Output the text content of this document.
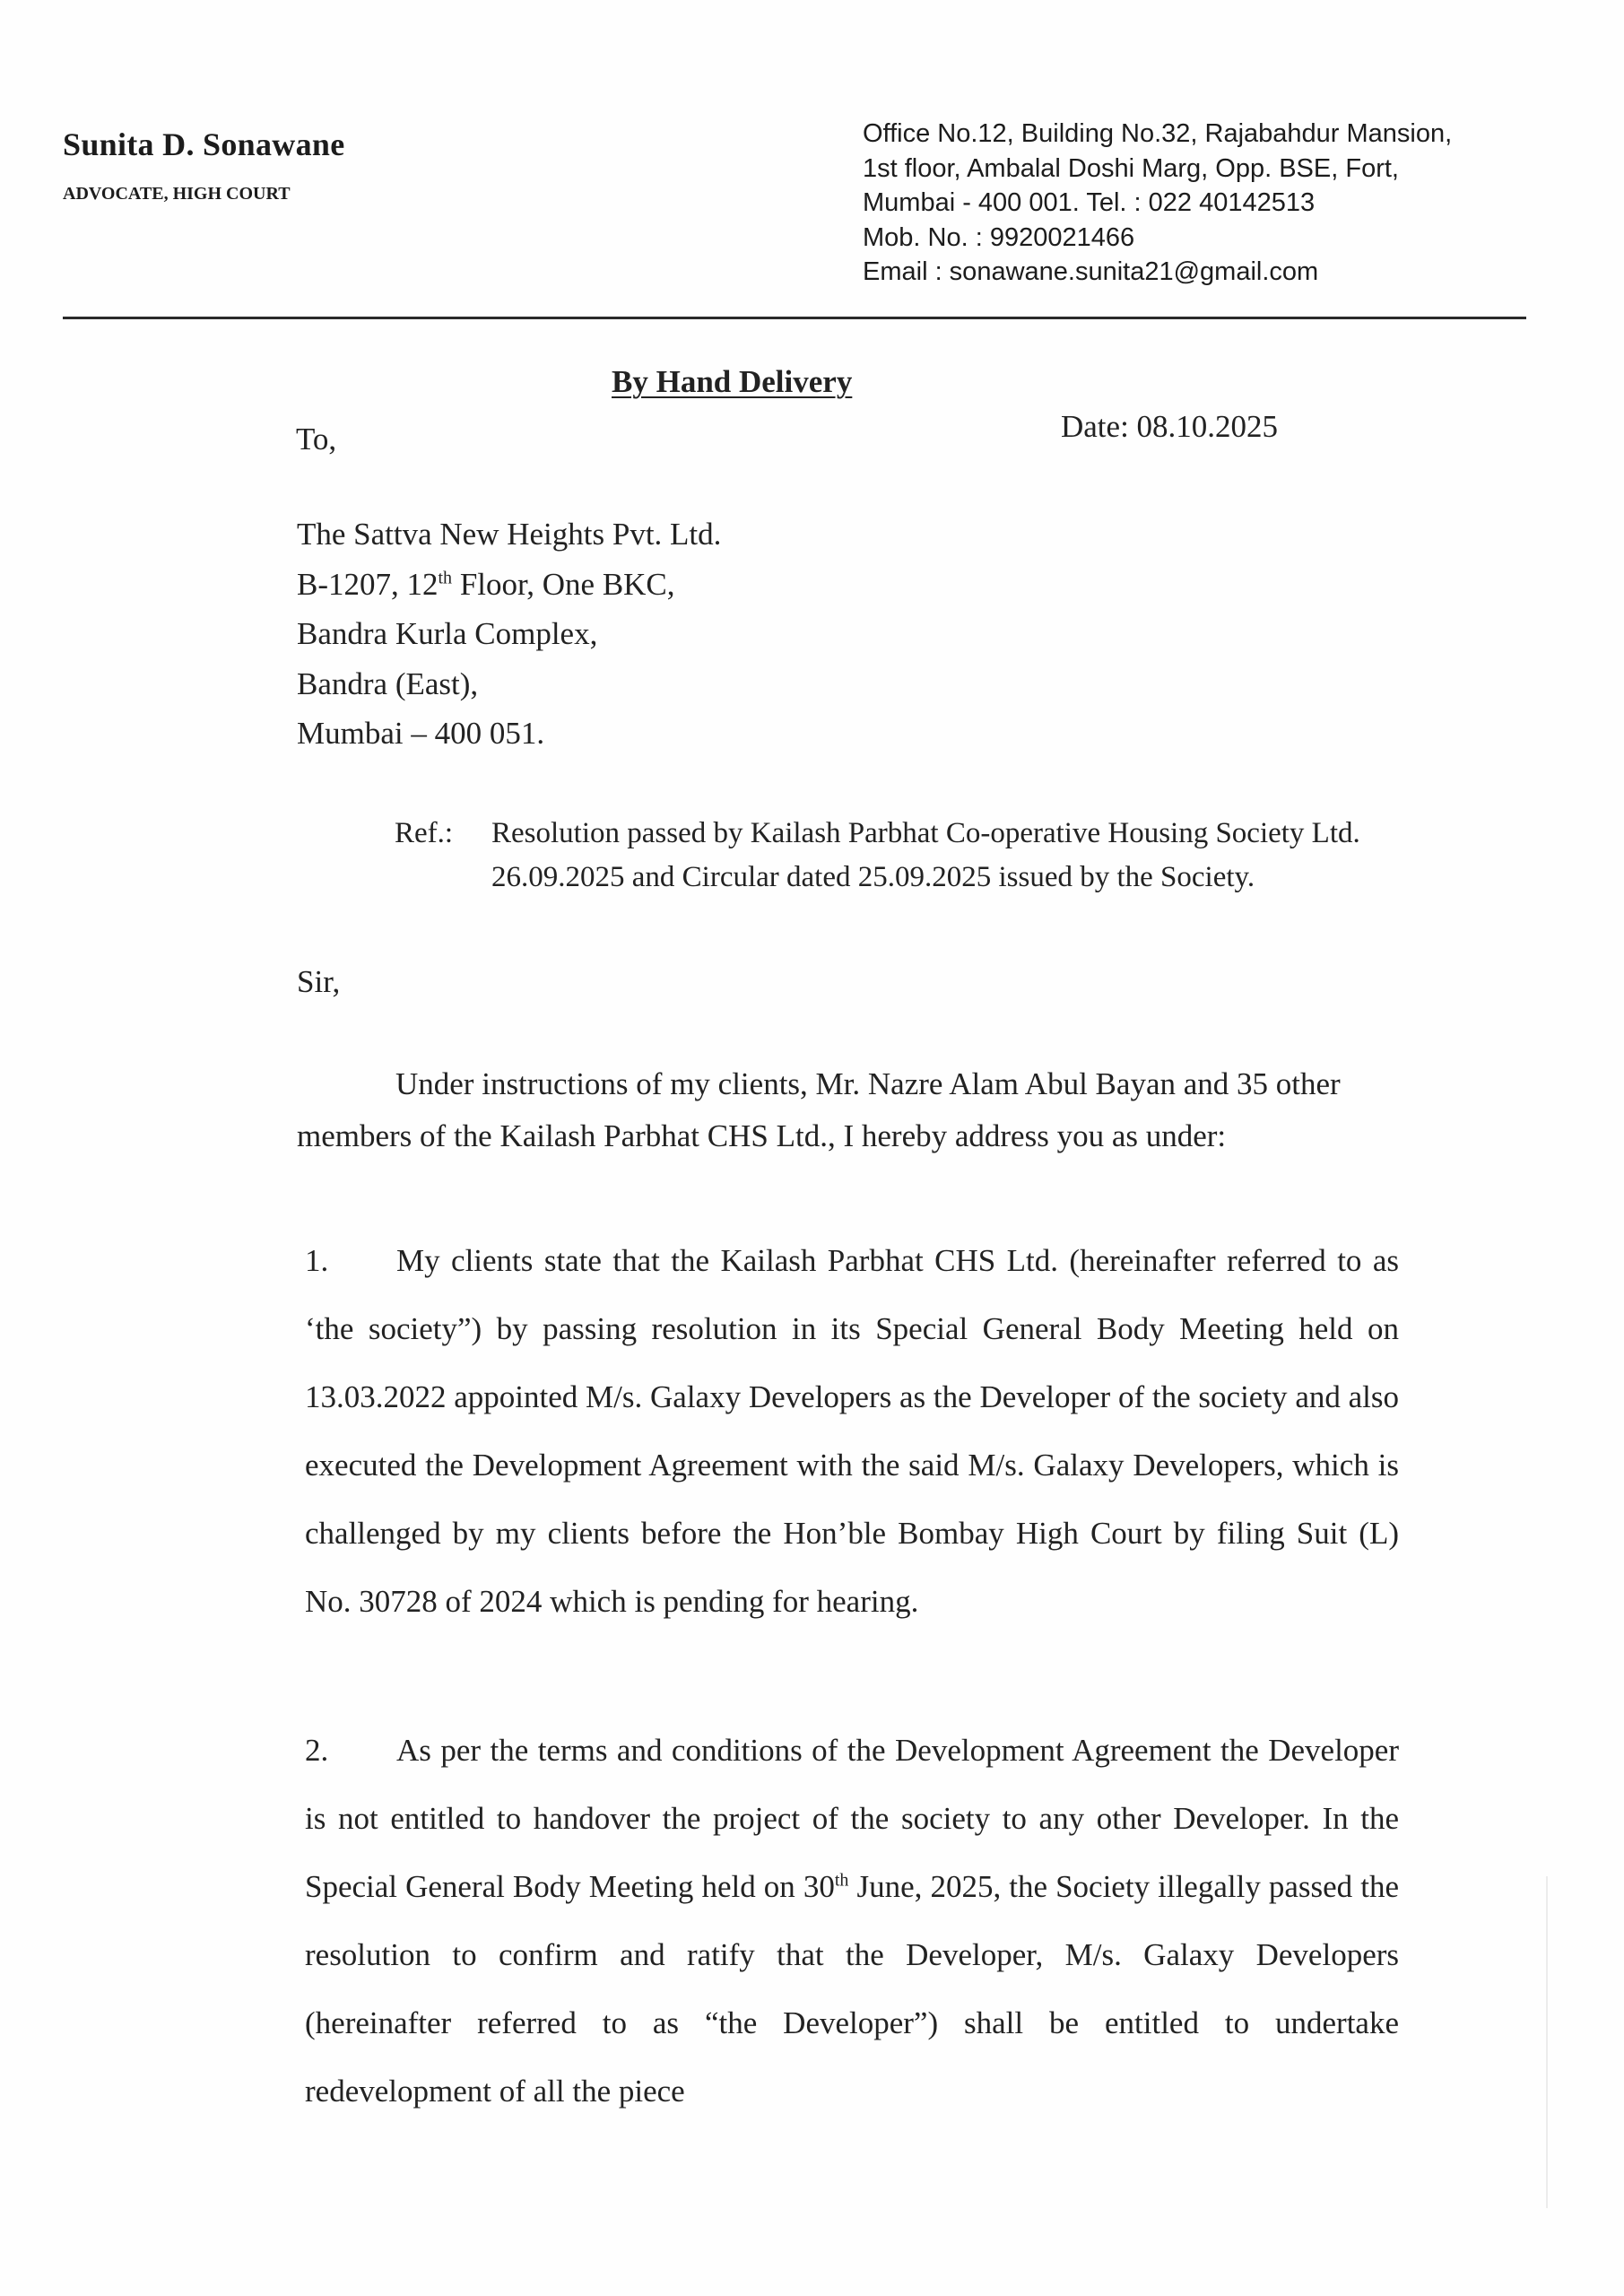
Sunita D. Sonawane
ADVOCATE, HIGH COURT
Office No.12, Building No.32, Rajabahdur Mansion,
1st floor, Ambalal Doshi Marg, Opp. BSE, Fort,
Mumbai - 400 001. Tel. : 022 40142513
Mob. No. : 9920021466
Email : sonawane.sunita21@gmail.com
By Hand Delivery
To,	Date: 08.10.2025
The Sattva New Heights Pvt. Ltd.
B-1207, 12th Floor, One BKC,
Bandra Kurla Complex,
Bandra (East),
Mumbai – 400 051.
Ref.:	Resolution passed by Kailash Parbhat Co-operative Housing Society Ltd. 26.09.2025 and Circular dated 25.09.2025 issued by the Society.
Sir,
Under instructions of my clients, Mr. Nazre Alam Abul Bayan and 35 other members of the Kailash Parbhat CHS Ltd., I hereby address you as under:
1. My clients state that the Kailash Parbhat CHS Ltd. (hereinafter referred to as ‘the society”) by passing resolution in its Special General Body Meeting held on 13.03.2022 appointed M/s. Galaxy Developers as the Developer of the society and also executed the Development Agreement with the said M/s. Galaxy Developers, which is challenged by my clients before the Hon’ble Bombay High Court by filing Suit (L) No. 30728 of 2024 which is pending for hearing.
2. As per the terms and conditions of the Development Agreement the Developer is not entitled to handover the project of the society to any other Developer. In the Special General Body Meeting held on 30th June, 2025, the Society illegally passed the resolution to confirm and ratify that the Developer, M/s. Galaxy Developers (hereinafter referred to as “the Developer”) shall be entitled to undertake redevelopment of all the piece
